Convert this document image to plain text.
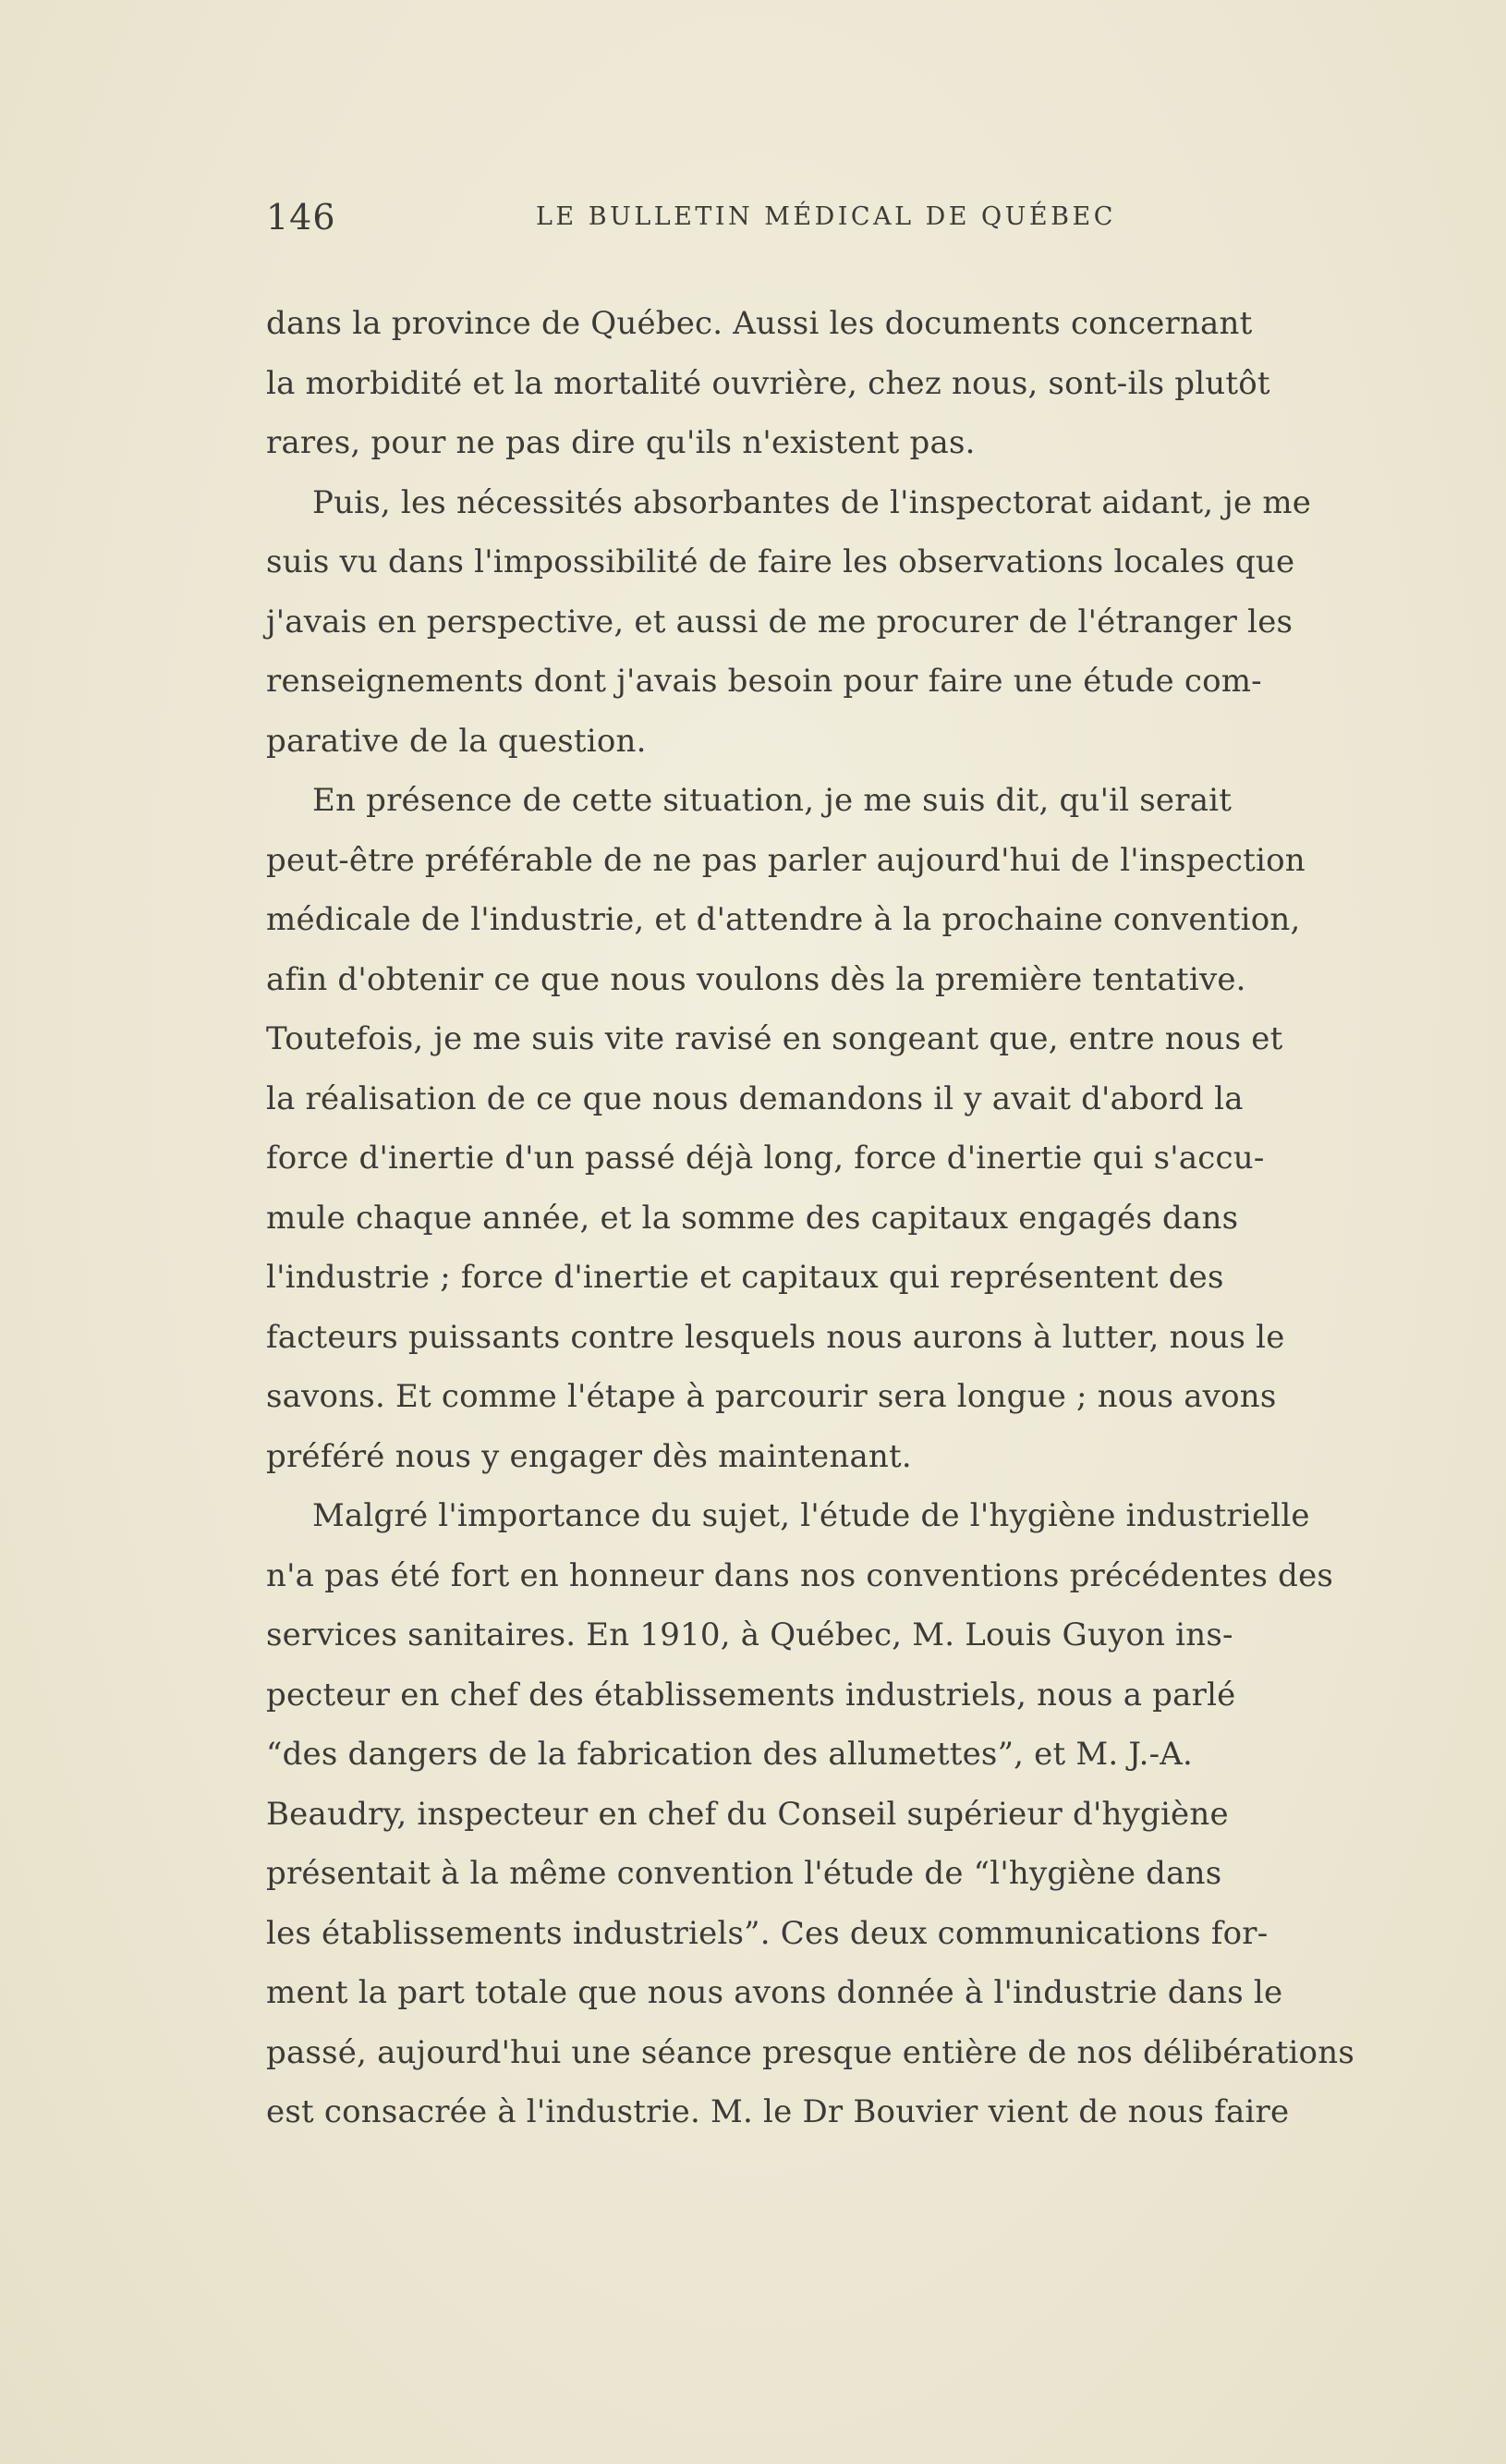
146	LE BULLETIN MÉDICAL DE QUÉBEC
dans la province de Québec. Aussi les documents concernant
la morbidité et la mortalité ouvrière, chez nous, sont-ils plutôt
rares, pour ne pas dire qu'ils n'existent pas.
Puis, les nécessités absorbantes de l'inspectorat aidant, je me
suis vu dans l'impossibilité de faire les observations locales que
j'avais en perspective, et aussi de me procurer de l'étranger les
renseignements dont j'avais besoin pour faire une étude com-
parative de la question.
En présence de cette situation, je me suis dit, qu'il serait
peut-être préférable de ne pas parler aujourd'hui de l'inspection
médicale de l'industrie, et d'attendre à la prochaine convention,
afin d'obtenir ce que nous voulons dès la première tentative.
Toutefois, je me suis vite ravisé en songeant que, entre nous et
la réalisation de ce que nous demandons il y avait d'abord la
force d'inertie d'un passé déjà long, force d'inertie qui s'accu-
mule chaque année, et la somme des capitaux engagés dans
l'industrie ; force d'inertie et capitaux qui représentent des
facteurs puissants contre lesquels nous aurons à lutter, nous le
savons. Et comme l'étape à parcourir sera longue ; nous avons
préféré nous y engager dès maintenant.
Malgré l'importance du sujet, l'étude de l'hygiène industrielle
n'a pas été fort en honneur dans nos conventions précédentes des
services sanitaires. En 1910, à Québec, M. Louis Guyon ins-
pecteur en chef des établissements industriels, nous a parlé
“des dangers de la fabrication des allumettes”, et M. J.-A.
Beaudry, inspecteur en chef du Conseil supérieur d'hygiène
présentait à la même convention l'étude de “l'hygiène dans
les établissements industriels”. Ces deux communications for-
ment la part totale que nous avons donnée à l'industrie dans le
passé, aujourd'hui une séance presque entière de nos délibérations
est consacrée à l'industrie. M. le Dr Bouvier vient de nous faire
